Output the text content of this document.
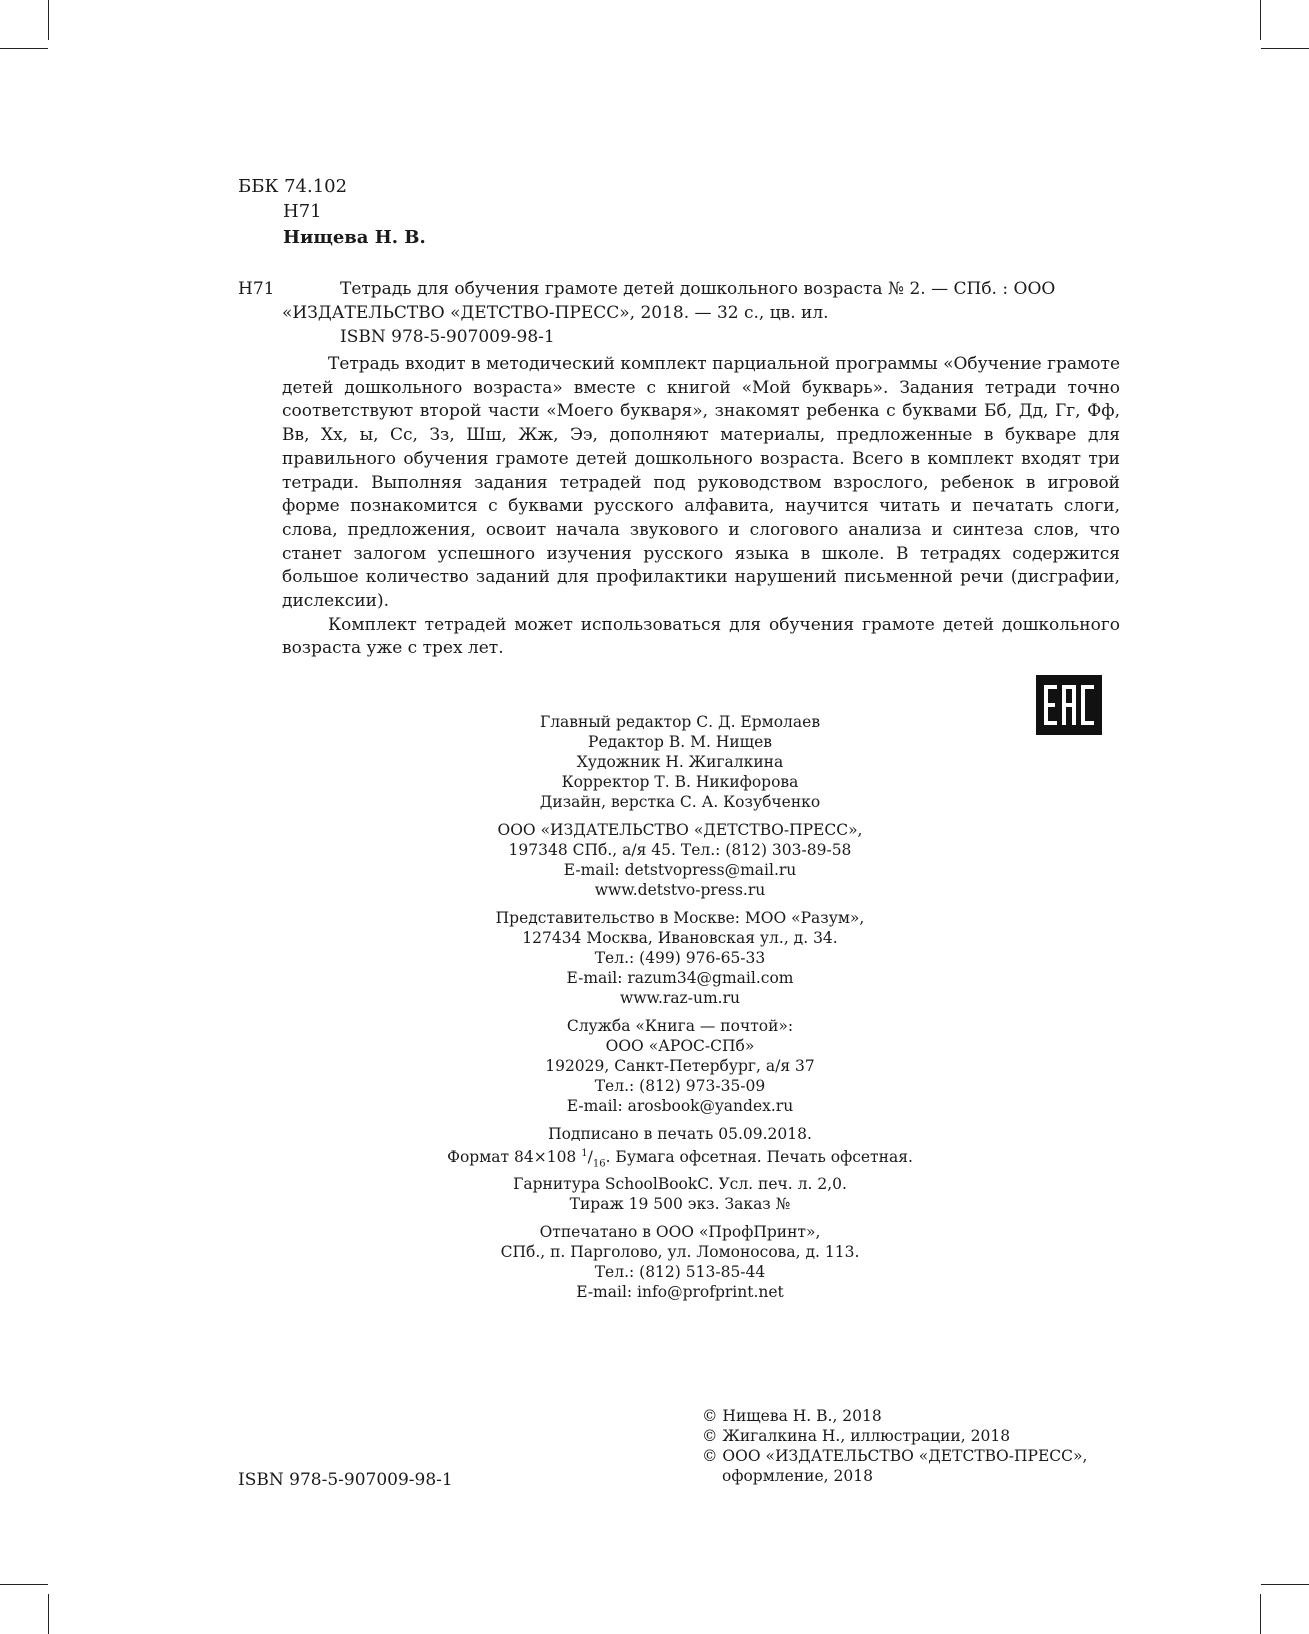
ББК 74.102
Н71
Нищева Н. В.
Н71	Тетрадь для обучения грамоте детей дошкольного возраста № 2. — СПб. : ООО
«ИЗДАТЕЛЬСТВО «ДЕТСТВО-ПРЕСС», 2018. — 32 с., цв. ил.
ISBN 978-5-907009-98-1

Тетрадь входит в методический комплект парциальной программы «Обучение грамоте детей дошкольного возраста» вместе с книгой «Мой букварь». Задания тетради точно соответствуют второй части «Моего букваря», знакомят ребенка с буквами Бб, Дд, Гг, Фф, Вв, Хх, ы, Сс, Зз, Шш, Жж, Ээ, дополняют материалы, предложенные в букваре для правильного обучения грамоте детей дошкольного возраста. Всего в комплект входят три тетради. Выполняя задания тетрадей под руководством взрослого, ребенок в игровой форме познакомится с буквами русского алфавита, научится читать и печатать слоги, слова, предложения, освоит начала звукового и слогового анализа и синтеза слов, что станет залогом успешного изучения русского языка в школе. В тетрадях содержится большое количество заданий для профилактики нарушений письменной речи (дисграфии, дислексии).

Комплект тетрадей может использоваться для обучения грамоте детей дошкольного возраста уже с трех лет.

Главный редактор С. Д. Ермолаев
Редактор В. М. Нищев
Художник Н. Жигалкина
Корректор Т. В. Никифорова
Дизайн, верстка С. А. Козубченко
ООО «ИЗДАТЕЛЬСТВО «ДЕТСТВО-ПРЕСС»,
197348 СПб., а/я 45. Тел.: (812) 303-89-58
E-mail: detstvopress@mail.ru
www.detstvo-press.ru
Представительство в Москве: МОО «Разум»,
127434 Москва, Ивановская ул., д. 34.
Тел.: (499) 976-65-33
E-mail: razum34@gmail.com
www.raz-um.ru
Служба «Книга — почтой»:
ООО «АРОС-СПб»
192029, Санкт-Петербург, а/я 37
Тел.: (812) 973-35-09
E-mail: arosbook@yandex.ru
Подписано в печать 05.09.2018.
Формат 84×108 $^1/_{16}$. Бумага офсетная. Печать офсетная.
Гарнитура SchoolBookC. Усл. печ. л. 2,0.
Тираж 19 500 экз. Заказ №
Отпечатано в ООО «ПрофПринт»,
СПб., п. Парголово, ул. Ломоносова, д. 113.
Тел.: (812) 513-85-44
E-mail: info@profprint.net
© Нищева Н. В., 2018
© Жигалкина Н., иллюстрации, 2018
© ООО «ИЗДАТЕЛЬСТВО «ДЕТСТВО-ПРЕСС»,
оформление, 2018
ISBN 978-5-907009-98-1
